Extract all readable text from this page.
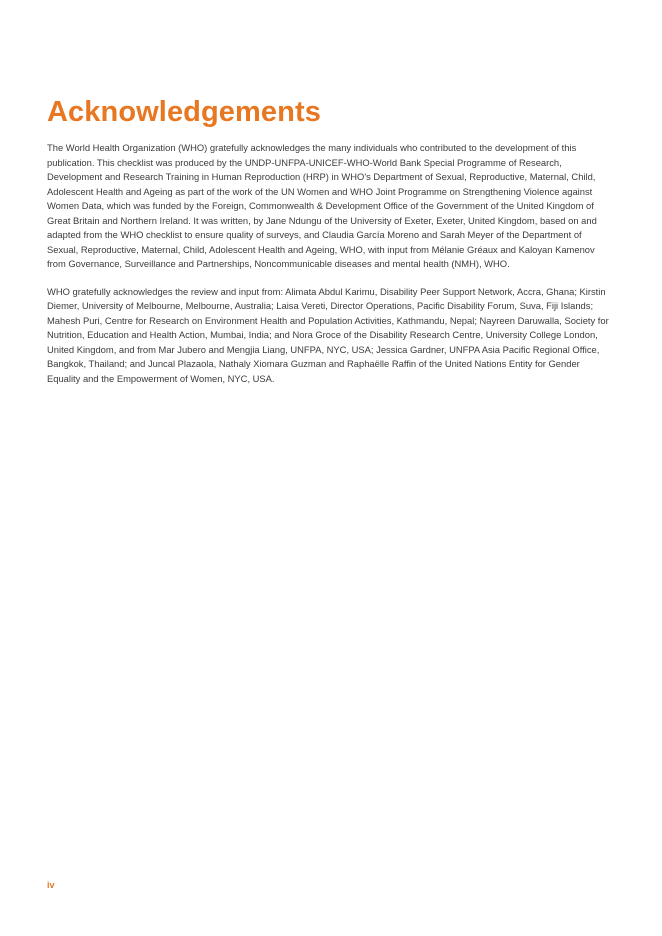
Acknowledgements

The World Health Organization (WHO) gratefully acknowledges the many individuals who contributed to the development of this publication. This checklist was produced by the UNDP-UNFPA-UNICEF-WHO-World Bank Special Programme of Research, Development and Research Training in Human Reproduction (HRP) in WHO's Department of Sexual, Reproductive, Maternal, Child, Adolescent Health and Ageing as part of the work of the UN Women and WHO Joint Programme on Strengthening Violence against Women Data, which was funded by the Foreign, Commonwealth & Development Office of the Government of the United Kingdom of Great Britain and Northern Ireland. It was written, by Jane Ndungu of the University of Exeter, Exeter, United Kingdom, based on and adapted from the WHO checklist to ensure quality of surveys, and Claudia García Moreno and Sarah Meyer of the Department of Sexual, Reproductive, Maternal, Child, Adolescent Health and Ageing, WHO, with input from Mélanie Gréaux and Kaloyan Kamenov from Governance, Surveillance and Partnerships, Noncommunicable diseases and mental health (NMH), WHO.

WHO gratefully acknowledges the review and input from: Alimata Abdul Karimu, Disability Peer Support Network, Accra, Ghana; Kirstin Diemer, University of Melbourne, Melbourne, Australia; Laisa Vereti, Director Operations, Pacific Disability Forum, Suva, Fiji Islands; Mahesh Puri, Centre for Research on Environment Health and Population Activities, Kathmandu, Nepal; Nayreen Daruwalla, Society for Nutrition, Education and Health Action, Mumbai, India; and Nora Groce of the Disability Research Centre, University College London, United Kingdom, and from Mar Jubero and Mengjia Liang, UNFPA, NYC, USA; Jessica Gardner, UNFPA Asia Pacific Regional Office, Bangkok, Thailand; and Juncal Plazaola, Nathaly Xiomara Guzman and Raphaëlle Raffin of the United Nations Entity for Gender Equality and the Empowerment of Women, NYC, USA.

iv
